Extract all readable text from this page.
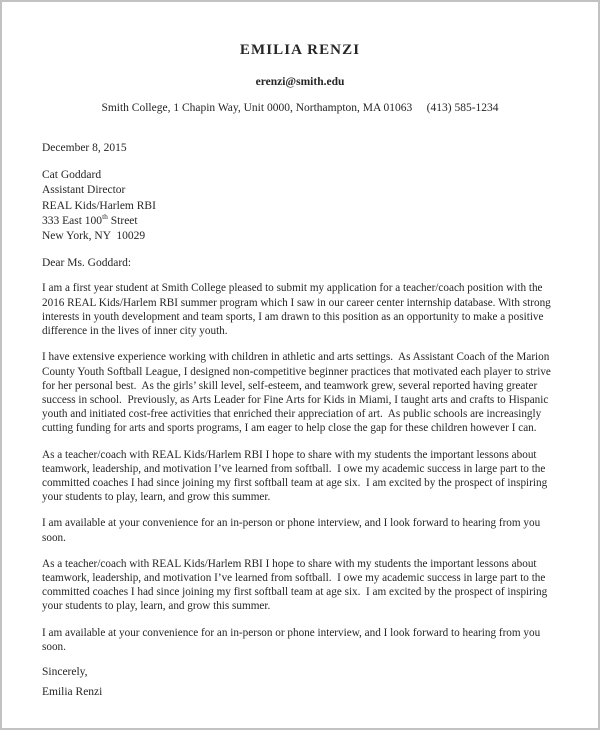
EMILIA RENZI
erenzi@smith.edu
Smith College, 1 Chapin Way, Unit 0000, Northampton, MA 01063     (413) 585-1234
December 8, 2015
Cat Goddard
Assistant Director
REAL Kids/Harlem RBI
333 East 100th Street
New York, NY  10029
Dear Ms. Goddard:

I am a first year student at Smith College pleased to submit my application for a teacher/coach position with the 2016 REAL Kids/Harlem RBI summer program which I saw in our career center internship database. With strong interests in youth development and team sports, I am drawn to this position as an opportunity to make a positive difference in the lives of inner city youth.

I have extensive experience working with children in athletic and arts settings.  As Assistant Coach of the Marion County Youth Softball League, I designed non-competitive beginner practices that motivated each player to strive for her personal best.  As the girls’ skill level, self-esteem, and teamwork grew, several reported having greater success in school.  Previously, as Arts Leader for Fine Arts for Kids in Miami, I taught arts and crafts to Hispanic youth and initiated cost-free activities that enriched their appreciation of art.  As public schools are increasingly cutting funding for arts and sports programs, I am eager to help close the gap for these children however I can.

As a teacher/coach with REAL Kids/Harlem RBI I hope to share with my students the important lessons about teamwork, leadership, and motivation I’ve learned from softball.  I owe my academic success in large part to the committed coaches I had since joining my first softball team at age six.  I am excited by the prospect of inspiring your students to play, learn, and grow this summer.

I am available at your convenience for an in-person or phone interview, and I look forward to hearing from you soon.

As a teacher/coach with REAL Kids/Harlem RBI I hope to share with my students the important lessons about teamwork, leadership, and motivation I’ve learned from softball.  I owe my academic success in large part to the committed coaches I had since joining my first softball team at age six.  I am excited by the prospect of inspiring your students to play, learn, and grow this summer.

I am available at your convenience for an in-person or phone interview, and I look forward to hearing from you soon.

Sincerely,
Emilia Renzi
